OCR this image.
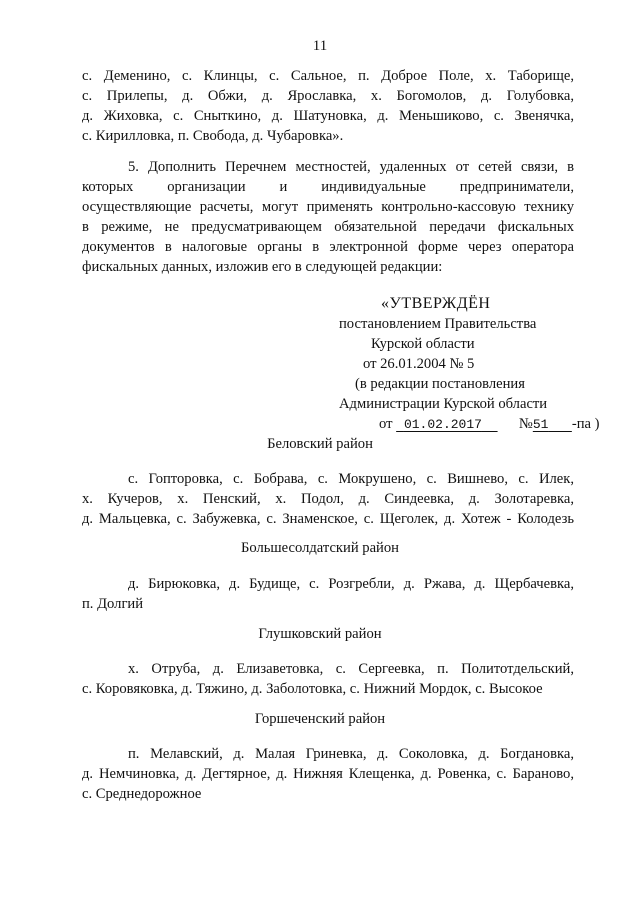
11
с. Деменино, с. Клинцы, с. Сальное, п. Доброе Поле, х. Таборище,
с. Прилепы, д. Обжи, д. Ярославка, х. Богомолов, д. Голубовка,
д. Жиховка, с. Сныткино, д. Шатуновка, д. Меньшиково, с. Звенячка,
с. Кирилловка, п. Свобода, д. Чубаровка».
5. Дополнить Перечнем местностей, удаленных от сетей связи, в
которых организации и индивидуальные предприниматели,
осуществляющие расчеты, могут применять контрольно-кассовую технику
в режиме, не предусматривающем обязательной передачи фискальных
документов в налоговые органы в электронной форме через оператора
фискальных данных, изложив его в следующей редакции:
«УТВЕРЖДЁН
постановлением Правительства
Курской области
от 26.01.2004 № 5
(в редакции постановления
Администрации Курской области
от 01.02.2017	№51 -па )
Беловский район
с. Гопторовка, с. Бобрава, с. Мокрушено, с. Вишнево, с. Илек,
х. Кучеров, х. Пенский, х. Подол, д. Синдеевка, д. Золотаревка,
д. Мальцевка, с. Забужевка, с. Знаменское, с. Щеголек, д. Хотеж - Колодезь
Большесолдатский район
д. Бирюковка, д. Будище, с. Розгребли, д. Ржава, д. Щербачевка,
п. Долгий
Глушковский район
х. Отруба, д. Елизаветовка, с. Сергеевка, п. Политотдельский,
с. Коровяковка, д. Тяжино, д. Заболотовка, с. Нижний Мордок, с. Высокое
Горшеченский район
п. Мелавский, д. Малая Гриневка, д. Соколовка, д. Богдановка,
д. Немчиновка, д. Дегтярное, д. Нижняя Клещенка, д. Ровенка, с. Бараново,
с. Среднедорожное
